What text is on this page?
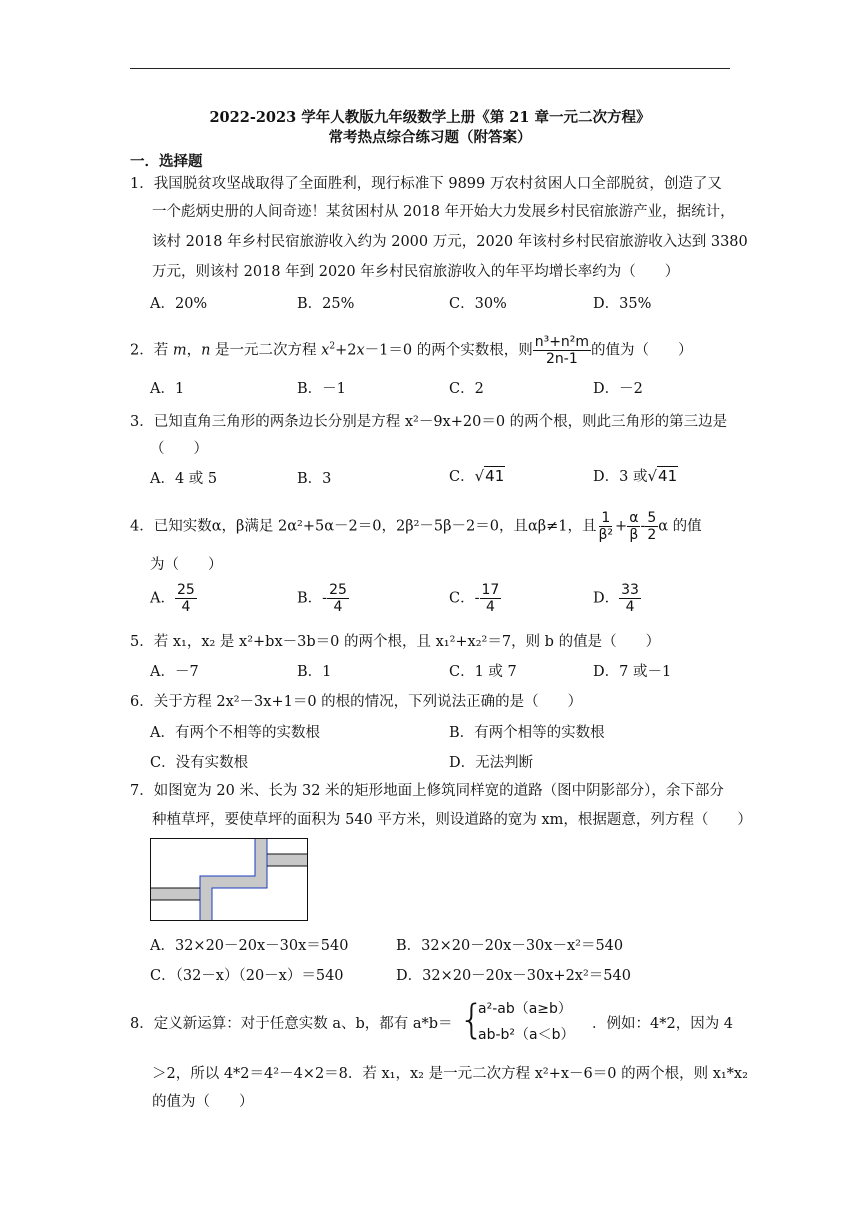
2022-2023 学年人教版九年级数学上册《第 21 章一元二次方程》
常考热点综合练习题（附答案）
一．选择题
1．我国脱贫攻坚战取得了全面胜利，现行标准下 9899 万农村贫困人口全部脱贫，创造了又
一个彪炳史册的人间奇迹！某贫困村从 2018 年开始大力发展乡村民宿旅游产业，据统计，
该村 2018 年乡村民宿旅游收入约为 2000 万元，2020 年该村乡村民宿旅游收入达到 3380
万元，则该村 2018 年到 2020 年乡村民宿旅游收入的年平均增长率约为（　　）
A．20%	B．25%	C．30%	D．35%
2．若 m，n 是一元二次方程 $x^2+2x-1=0$ 的两个实数根，则 $\frac{\text{n³+n²m}}{2n-1}$ 的值为（　　）
A．1	B．－1	C．2	D．－2
3．已知直角三角形的两条边长分别是方程 x²－9x+20＝0 的两个根，则此三角形的第三边是
（　　）
A．4 或 5	B．3	C．√41	D．3 或√41
4．已知实数α，β满足 2α²+5α－2＝0，2β²－5β－2＝0，且αβ≠1，且 $\frac{1}{\text{β²}} + \frac{\alpha}{\beta} - \frac{5}{2}$ α 的值
为（　　）
A． $\frac{25}{4}$	B．- $\frac{25}{4}$	C．- $\frac{17}{4}$	D． $\frac{33}{4}$
5．若 x₁，x₂ 是 x²+bx－3b＝0 的两个根，且 x₁²+x₂²＝7，则 b 的值是（　　）
A．－7	B．1	C．1 或 7	D．7 或－1
6．关于方程 2x²－3x+1＝0 的根的情况，下列说法正确的是（　　）
A．有两个不相等的实数根	B．有两个相等的实数根
C．没有实数根	D．无法判断
7．如图宽为 20 米、长为 32 米的矩形地面上修筑同样宽的道路（图中阴影部分），余下部分
种植草坪，要使草坪的面积为 540 平方米，则设道路的宽为 xm，根据题意，列方程（　　）
A．32×20－20x－30x＝540	B．32×20－20x－30x－x²＝540
C．（32－x）（20－x）＝540	D．32×20－20x－30x+2x²＝540
8．定义新运算：对于任意实数 a、b，都有 a*b＝ {
a²-ab（a≥b）
ab-b²（a＜b）
．例如：4*2，因为 4
＞2，所以 4*2＝4²－4×2＝8．若 x₁，x₂ 是一元二次方程 x²+x－6＝0 的两个根，则 x₁*x₂
的值为（　　）
